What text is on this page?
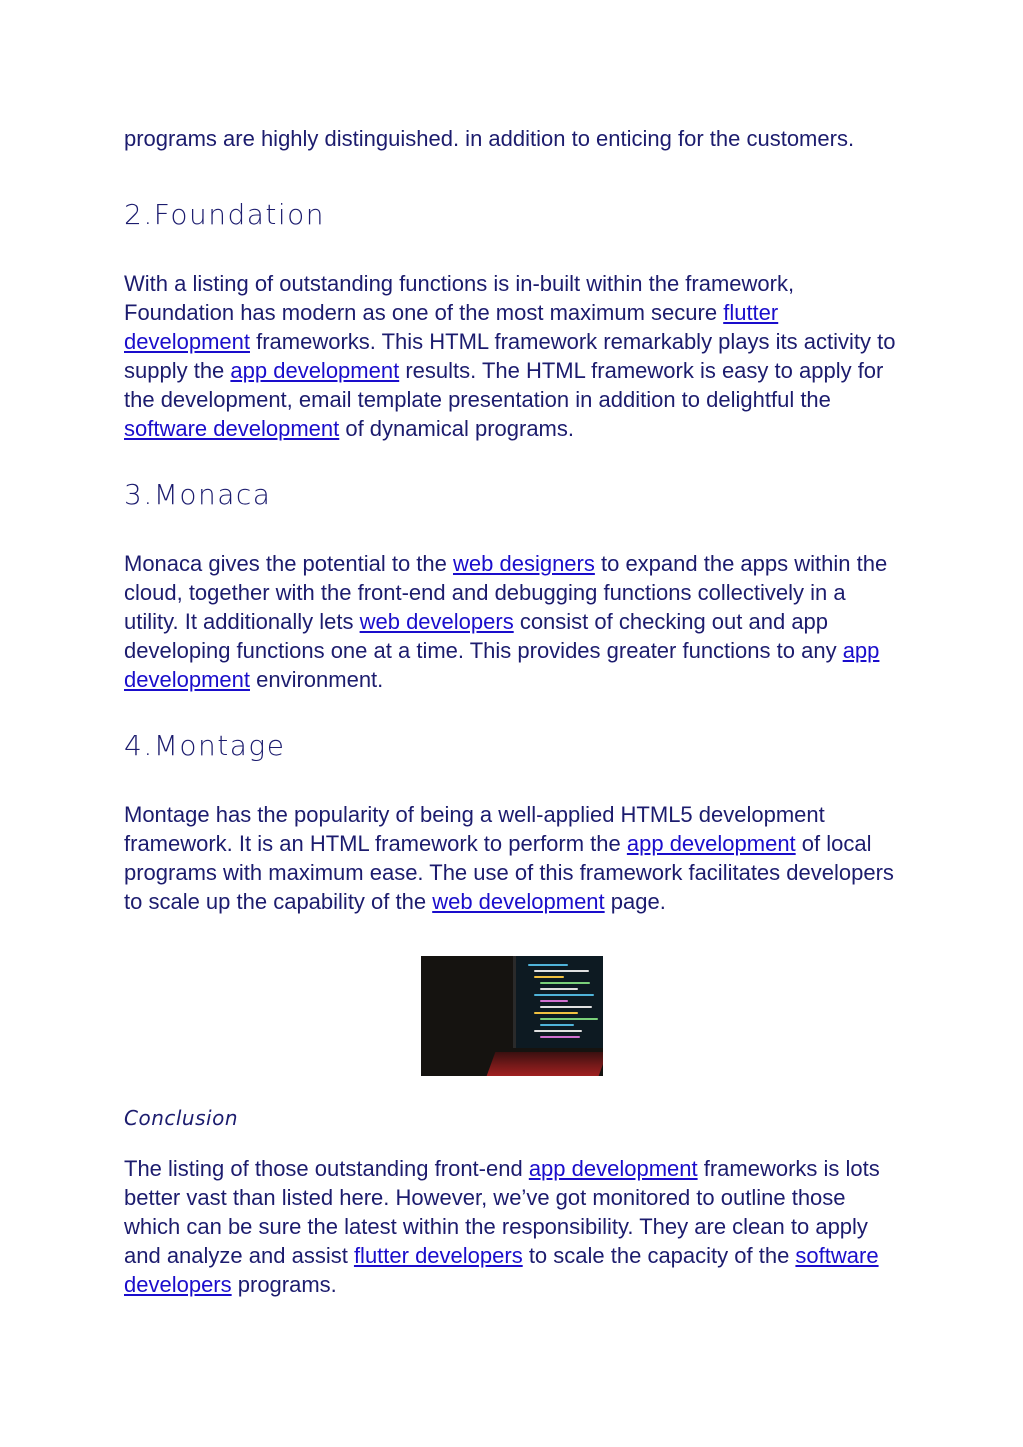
programs are highly distinguished. in addition to enticing for the customers.

2.Foundation

With a listing of outstanding functions is in-built within the framework, Foundation has modern as one of the most maximum secure flutter development frameworks. This HTML framework remarkably plays its activity to supply the app development results. The HTML framework is easy to apply for the development, email template presentation in addition to delightful the software development of dynamical programs.

3.Monaca

Monaca gives the potential to the web designers to expand the apps within the cloud, together with the front-end and debugging functions collectively in a utility. It additionally lets web developers consist of checking out and app developing functions one at a time. This provides greater functions to any app development environment.

4.Montage

Montage has the popularity of being a well-applied HTML5 development framework. It is an HTML framework to perform the app development of local programs with maximum ease. The use of this framework facilitates developers to scale up the capability of the web development page.

Conclusion

The listing of those outstanding front-end app development frameworks is lots better vast than listed here. However, we’ve got monitored to outline those which can be sure the latest within the responsibility. They are clean to apply and analyze and assist flutter developers to scale the capacity of the software developers programs.
